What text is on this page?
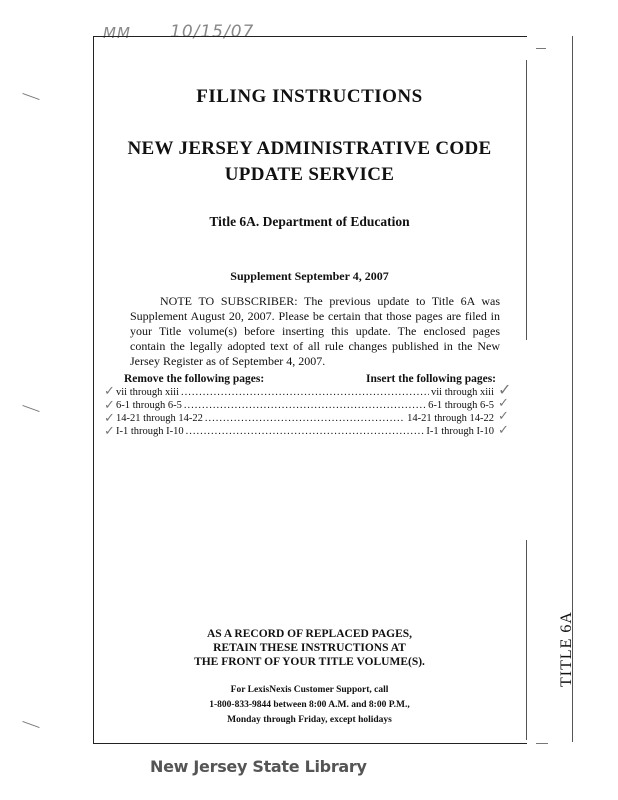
MM 10/15/07
FILING INSTRUCTIONS
NEW JERSEY ADMINISTRATIVE CODE
UPDATE SERVICE
Title 6A. Department of Education
Supplement September 4, 2007
NOTE TO SUBSCRIBER: The previous update to Title 6A was Supplement August 20, 2007. Please be certain that those pages are filed in your Title volume(s) before inserting this update. The enclosed pages contain the legally adopted text of all rule changes published in the New Jersey Register as of September 4, 2007.
Remove the following pages:	Insert the following pages:
vii through xiii .....	vii through xiii
6-1 through 6-5 .....	6-1 through 6-5
14-21 through 14-22 .....	14-21 through 14-22
I-1 through I-10 .....	I-1 through I-10
✓
✓
✓
✓
✓
✓
✓
✓
AS A RECORD OF REPLACED PAGES,
RETAIN THESE INSTRUCTIONS AT
THE FRONT OF YOUR TITLE VOLUME(S).
For LexisNexis Customer Support, call
1-800-833-9844 between 8:00 A.M. and 8:00 P.M.,
Monday through Friday, except holidays
TITLE 6A
New Jersey State Library
